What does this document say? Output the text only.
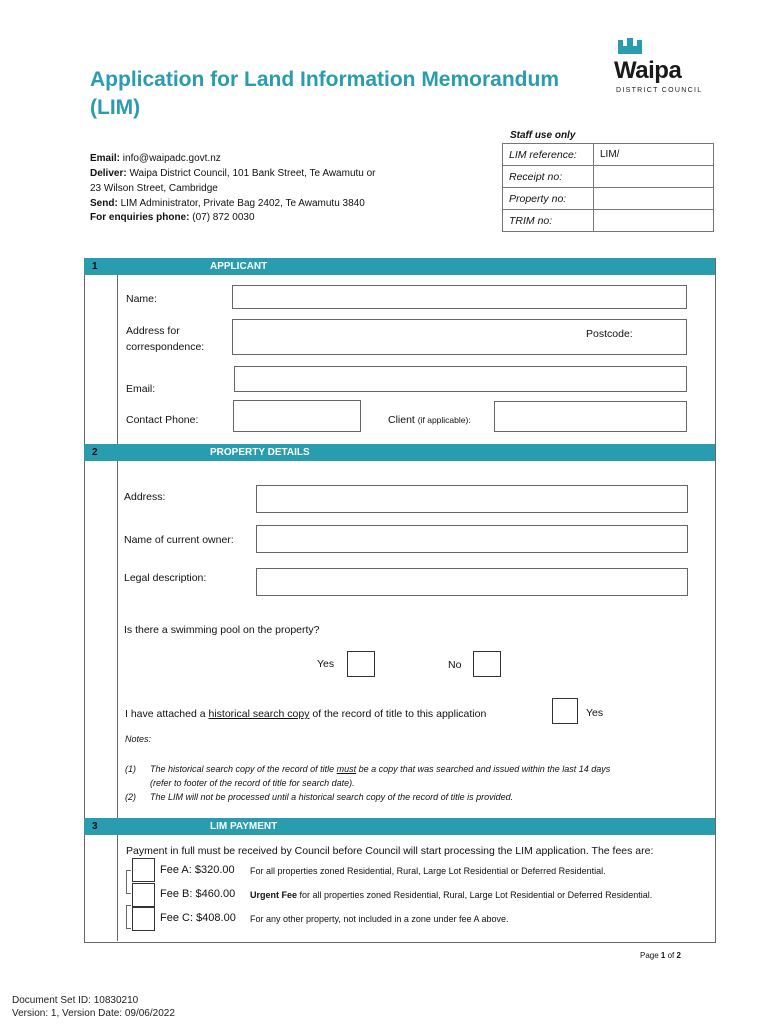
Application for Land Information Memorandum
(LIM)
Waipa
DISTRICT COUNCIL
Email: info@waipadc.govt.nz
Deliver: Waipa District Council, 101 Bank Street, Te Awamutu or
23 Wilson Street, Cambridge
Send: LIM Administrator, Private Bag 2402, Te Awamutu 3840
For enquiries phone: (07) 872 0030
Staff use only
LIM reference:	LIM/
Receipt no:	
Property no:	
TRIM no:	
APPLICANT
1
Name:
Address for
correspondence:
Postcode:
Email:
Contact Phone:	Client (if applicable):
PROPERTY DETAILS
2
Address:
Name of current owner:
Legal description:
Is there a swimming pool on the property?
Yes	No
I have attached a historical search copy of the record of title to this application	Yes
Notes:
(1) The historical search copy of the record of title must be a copy that was searched and issued within the last 14 days
(refer to footer of the record of title for search date).
(2) The LIM will not be processed until a historical search copy of the record of title is provided.
LIM PAYMENT
3
Payment in full must be received by Council before Council will start processing the LIM application. The fees are:
Fee A: $320.00 For all properties zoned Residential, Rural, Large Lot Residential or Deferred Residential.
Fee B: $460.00 Urgent Fee for all properties zoned Residential, Rural, Large Lot Residential or Deferred Residential.
Fee C: $408.00 For any other property, not included in a zone under fee A above.
Page 1 of 2
Document Set ID: 10830210
Version: 1, Version Date: 09/06/2022
